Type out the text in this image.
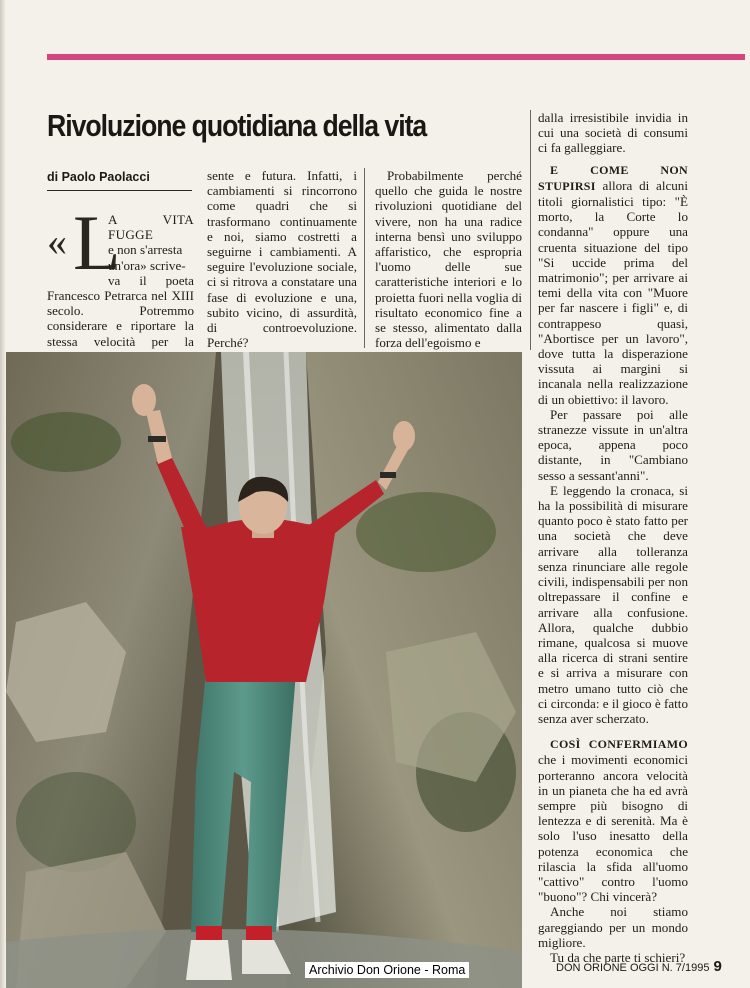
Rivoluzione quotidiana della vita
di Paolo Paolacci
« L
A VITA FUGGE
e non s'arresta
un'ora» scrive-
va il poeta

Francesco Petrarca nel XIII secolo. Potremmo considerare e riportare la stessa velocità per la

sente e futura. Infatti, i cambiamenti si rincorrono come quadri che si trasformano continuamente e noi, siamo costretti a seguirne i cambiamenti. A seguire l'evoluzione sociale, ci si ritrova a constatare una fase di evoluzione e una, subito vicino, di assurdità, di controevoluzione. Perché?

Probabilmente perché quello che guida le nostre rivoluzioni quotidiane del vivere, non ha una radice interna bensì uno sviluppo affaristico, che espropria l'uomo delle sue caratteristiche interiori e lo proietta fuori nella voglia di risultato economico fine a se stesso, alimentato dalla forza dell'egoismo e

dalla irresistibile invidia in cui una società di consumi ci fa galleggiare.

E COME NON STUPIRSI allora di alcuni titoli giornalistici tipo: "È morto, la Corte lo condanna" oppure una cruenta situazione del tipo "Si uccide prima del matrimonio"; per arrivare ai temi della vita con "Muore per far nascere i figli" e, di contrappeso quasi, "Abortisce per un lavoro", dove tutta la disperazione vissuta ai margini si incanala nella realizzazione di un obiettivo: il lavoro.

Per passare poi alle stranezze vissute in un'altra epoca, appena poco distante, in "Cambiano sesso a sessant'anni".

E leggendo la cronaca, si ha la possibilità di misurare quanto poco è stato fatto per una società che deve arrivare alla tolleranza senza rinunciare alle regole civili, indispensabili per non oltrepassare il confine e arrivare alla confusione. Allora, qualche dubbio rimane, qualcosa si muove alla ricerca di strani sentire e si arriva a misurare con metro umano tutto ciò che ci circonda: e il gioco è fatto senza aver scherzato.

COSÌ CONFERMIAMO che i movimenti economici porteranno ancora velocità in un pianeta che ha ed avrà sempre più bisogno di lentezza e di serenità. Ma è solo l'uso inesatto della potenza economica che rilascia la sfida all'uomo "cattivo" contro l'uomo "buono"? Chi vincerà?

Anche noi stiamo gareggiando per un mondo migliore.

Tu da che parte ti schieri?

Archivio Don Orione - Roma	DON ORIONE OGGI N. 7/1995 9
